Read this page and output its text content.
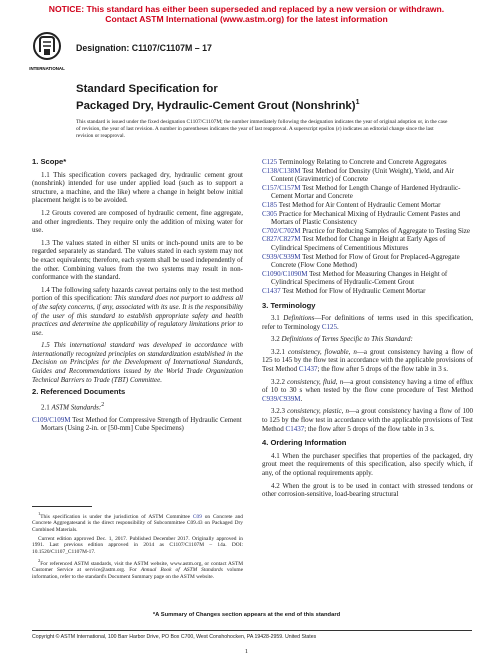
NOTICE: This standard has either been superseded and replaced by a new version or withdrawn.
Contact ASTM International (www.astm.org) for the latest information
INTERNATIONAL
Designation: C1107/C1107M – 17
Standard Specification for
Packaged Dry, Hydraulic-Cement Grout (Nonshrink)$^1$
This standard is issued under the fixed designation C1107/C1107M; the number immediately following the designation indicates the year of original adoption or, in the case of revision, the year of last revision. A number in parentheses indicates the year of last reapproval. A superscript epsilon (ε) indicates an editorial change since the last revision or reapproval.
1. Scope*

1.1 This specification covers packaged dry, hydraulic cement grout (nonshrink) intended for use under applied load (such as to support a structure, a machine, and the like) where a change in height below initial placement height is to be avoided.

1.2 Grouts covered are composed of hydraulic cement, fine aggregate, and other ingredients. They require only the addition of mixing water for use.

1.3 The values stated in either SI units or inch-pound units are to be regarded separately as standard. The values stated in each system may not be exact equivalents; therefore, each system shall be used independently of the other. Combining values from the two systems may result in non-conformance with the standard.

1.4 The following safety hazards caveat pertains only to the test method portion of this specification: This standard does not purport to address all of the safety concerns, if any, associated with its use. It is the responsibility of the user of this standard to establish appropriate safety and health practices and determine the applicability of regulatory limitations prior to use.

1.5 This international standard was developed in accordance with internationally recognized principles on standardization established in the Decision on Principles for the Development of International Standards, Guides and Recommendations issued by the World Trade Organization Technical Barriers to Trade (TBT) Committee.

2. Referenced Documents

2.1 ASTM Standards:$^2$

C109/C109M Test Method for Compressive Strength of Hydraulic Cement Mortars (Using 2-in. or [50-mm] Cube Specimens)

$^1$This specification is under the jurisdiction of ASTM Committee C09 on Concrete and Concrete Aggregatesand is the direct responsibility of Subcommittee C09.43 on Packaged Dry Combined Materials.

Current edition approved Dec. 1, 2017. Published December 2017. Originally approved in 1991. Last previous edition approved in 2014 as C1107/C1107M – 14a. DOI: 10.1520/C1107_C1107M-17.

$^2$For referenced ASTM standards, visit the ASTM website, www.astm.org, or contact ASTM Customer Service at service@astm.org. For Annual Book of ASTM Standards volume information, refer to the standard's Document Summary page on the ASTM website.

C125 Terminology Relating to Concrete and Concrete Aggregates

C138/C138M Test Method for Density (Unit Weight), Yield, and Air Content (Gravimetric) of Concrete

C157/C157M Test Method for Length Change of Hardened Hydraulic-Cement Mortar and Concrete

C185 Test Method for Air Content of Hydraulic Cement Mortar

C305 Practice for Mechanical Mixing of Hydraulic Cement Pastes and Mortars of Plastic Consistency

C702/C702M Practice for Reducing Samples of Aggregate to Testing Size

C827/C827M Test Method for Change in Height at Early Ages of Cylindrical Specimens of Cementitious Mixtures

C939/C939M Test Method for Flow of Grout for Preplaced-Aggregate Concrete (Flow Cone Method)

C1090/C1090M Test Method for Measuring Changes in Height of Cylindrical Specimens of Hydraulic-Cement Grout

C1437 Test Method for Flow of Hydraulic Cement Mortar

3. Terminology

3.1 Definitions—For definitions of terms used in this specification, refer to Terminology C125.

3.2 Definitions of Terms Specific to This Standard:

3.2.1 consistency, flowable, n—a grout consistency having a flow of 125 to 145 by the flow test in accordance with the applicable provisions of Test Method C1437; the flow after 5 drops of the flow table in 3 s.

3.2.2 consistency, fluid, n—a grout consistency having a time of efflux of 10 to 30 s when tested by the flow cone procedure of Test Method C939/C939M.

3.2.3 consistency, plastic, n—a grout consistency having a flow of 100 to 125 by the flow test in accordance with the applicable provisions of Test Method C1437; the flow after 5 drops of the flow table in 3 s.

4. Ordering Information

4.1 When the purchaser specifies that properties of the packaged, dry grout meet the requirements of this specification, also specify which, if any, of the optional requirements apply.

4.2 When the grout is to be used in contact with stressed tendons or other corrosion-sensitive, load-bearing structural

*A Summary of Changes section appears at the end of this standard
Copyright © ASTM International, 100 Barr Harbor Drive, PO Box C700, West Conshohocken, PA 19428-2959. United States
1
